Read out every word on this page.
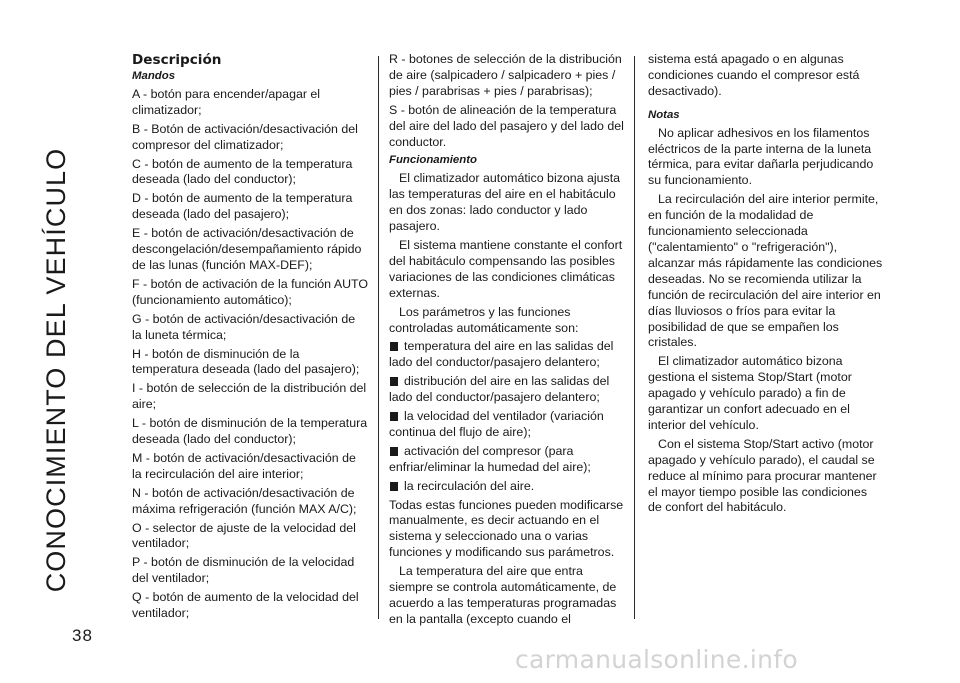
CONOCIMIENTO DEL VEHÍCULO
38
Descripción
Mandos
A - botón para encender/apagar el climatizador;
B - Botón de activación/desactivación del compresor del climatizador;
C - botón de aumento de la temperatura deseada (lado del conductor);
D - botón de aumento de la temperatura deseada (lado del pasajero);
E - botón de activación/desactivación de descongelación/desempañamiento rápido de las lunas (función MAX-DEF);
F - botón de activación de la función AUTO (funcionamiento automático);
G - botón de activación/desactivación de la luneta térmica;
H - botón de disminución de la temperatura deseada (lado del pasajero);
I - botón de selección de la distribución del aire;
L - botón de disminución de la temperatura deseada (lado del conductor);
M - botón de activación/desactivación de la recirculación del aire interior;
N - botón de activación/desactivación de máxima refrigeración (función MAX A/C);
O - selector de ajuste de la velocidad del ventilador;
P - botón de disminución de la velocidad del ventilador;
Q - botón de aumento de la velocidad del ventilador;
R - botones de selección de la distribución de aire (salpicadero / salpicadero + pies / pies / parabrisas + pies / parabrisas);
S - botón de alineación de la temperatura del aire del lado del pasajero y del lado del conductor.
Funcionamiento
El climatizador automático bizona ajusta las temperaturas del aire en el habitáculo en dos zonas: lado conductor y lado pasajero.
El sistema mantiene constante el confort del habitáculo compensando las posibles variaciones de las condiciones climáticas externas.
Los parámetros y las funciones controladas automáticamente son:
temperatura del aire en las salidas del lado del conductor/pasajero delantero;
distribución del aire en las salidas del lado del conductor/pasajero delantero;
la velocidad del ventilador (variación continua del flujo de aire);
activación del compresor (para enfriar/eliminar la humedad del aire);
la recirculación del aire.
Todas estas funciones pueden modificarse manualmente, es decir actuando en el sistema y seleccionado una o varias funciones y modificando sus parámetros.
La temperatura del aire que entra siempre se controla automáticamente, de acuerdo a las temperaturas programadas en la pantalla (excepto cuando el
sistema está apagado o en algunas condiciones cuando el compresor está desactivado).
Notas
No aplicar adhesivos en los filamentos eléctricos de la parte interna de la luneta térmica, para evitar dañarla perjudicando su funcionamiento.
La recirculación del aire interior permite, en función de la modalidad de funcionamiento seleccionada ("calentamiento" o "refrigeración"), alcanzar más rápidamente las condiciones deseadas. No se recomienda utilizar la función de recirculación del aire interior en días lluviosos o fríos para evitar la posibilidad de que se empañen los cristales.
El climatizador automático bizona gestiona el sistema Stop/Start (motor apagado y vehículo parado) a fin de garantizar un confort adecuado en el interior del vehículo.
Con el sistema Stop/Start activo (motor apagado y vehículo parado), el caudal se reduce al mínimo para procurar mantener el mayor tiempo posible las condiciones de confort del habitáculo.
carmanualsonline.info
